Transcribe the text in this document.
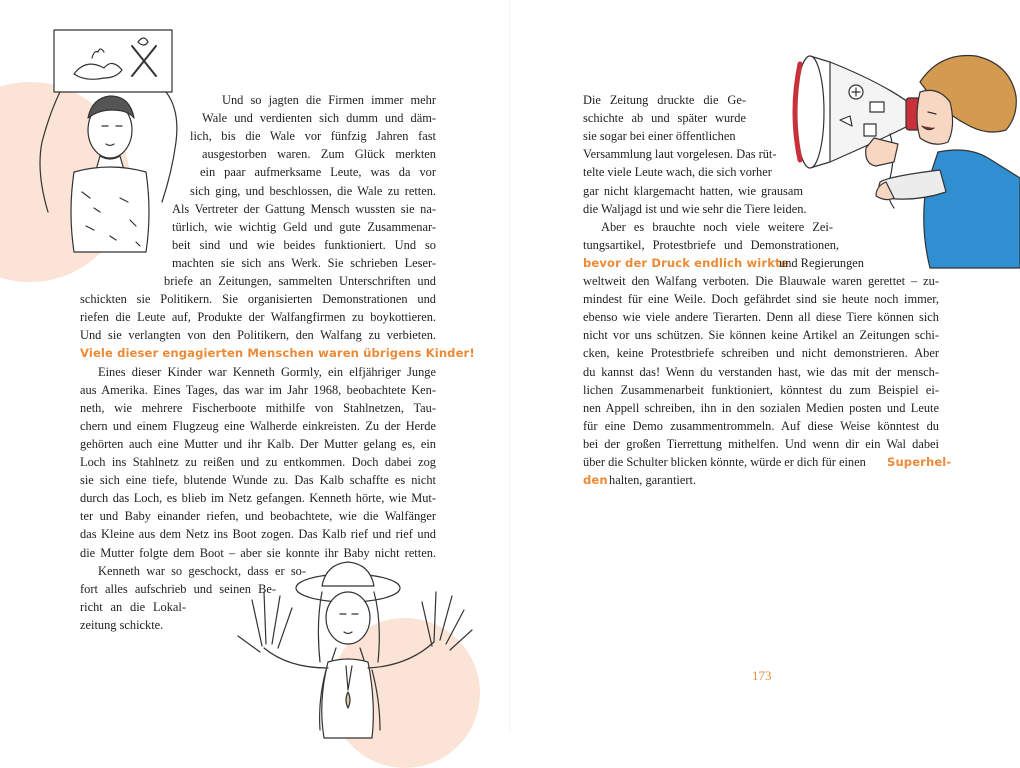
Und so jagten die Firmen immer mehr
Wale und verdienten sich dumm und däm-
lich, bis die Wale vor fünfzig Jahren fast
ausgestorben waren. Zum Glück merkten
ein paar aufmerksame Leute, was da vor
sich ging, und beschlossen, die Wale zu retten.
Als Vertreter der Gattung Mensch wussten sie na-
türlich, wie wichtig Geld und gute Zusammenar-
beit sind und wie beides funktioniert. Und so
machten sie sich ans Werk. Sie schrieben Leser-
briefe an Zeitungen, sammelten Unterschriften und
schickten sie Politikern. Sie organisierten Demonstrationen und
riefen die Leute auf, Produkte der Walfangfirmen zu boykottieren.
Und sie verlangten von den Politikern, den Walfang zu verbieten.
Viele dieser engagierten Menschen waren übrigens Kinder!
Eines dieser Kinder war Kenneth Gormly, ein elfjähriger Junge
aus Amerika. Eines Tages, das war im Jahr 1968, beobachtete Ken-
neth, wie mehrere Fischerboote mithilfe von Stahlnetzen, Tau-
chern und einem Flugzeug eine Walherde einkreisten. Zu der Herde
gehörten auch eine Mutter und ihr Kalb. Der Mutter gelang es, ein
Loch ins Stahlnetz zu reißen und zu entkommen. Doch dabei zog
sie sich eine tiefe, blutende Wunde zu. Das Kalb schaffte es nicht
durch das Loch, es blieb im Netz gefangen. Kenneth hörte, wie Mut-
ter und Baby einander riefen, und beobachtete, wie die Walfänger
das Kleine aus dem Netz ins Boot zogen. Das Kalb rief und rief und
die Mutter folgte dem Boot – aber sie konnte ihr Baby nicht retten.
Kenneth war so geschockt, dass er so-
fort alles aufschrieb und seinen Be-
richt an die Lokal-
zeitung schickte.
Die Zeitung druckte die Ge-
schichte ab und später wurde
sie sogar bei einer öffentlichen
Versammlung laut vorgelesen. Das rüt-
telte viele Leute wach, die sich vorher
gar nicht klargemacht hatten, wie grausam
die Waljagd ist und wie sehr die Tiere leiden.
Aber es brauchte noch viele weitere Zei-
tungsartikel, Protestbriefe und Demonstrationen,
bevor der Druck endlich wirkte
und Regierungen
weltweit den Walfang verboten. Die Blauwale waren gerettet – zu-
mindest für eine Weile. Doch gefährdet sind sie heute noch immer,
ebenso wie viele andere Tierarten. Denn all diese Tiere können sich
nicht vor uns schützen. Sie können keine Artikel an Zeitungen schi-
cken, keine Protestbriefe schreiben und nicht demonstrieren. Aber
du kannst das! Wenn du verstanden hast, wie das mit der mensch-
lichen Zusammenarbeit funktioniert, könntest du zum Beispiel ei-
nen Appell schreiben, ihn in den sozialen Medien posten und Leute
für eine Demo zusammentrommeln. Auf diese Weise könntest du
bei der großen Tierrettung mithelfen. Und wenn dir ein Wal dabei
über die Schulter blicken könnte, würde er dich für einen	Superhel-
den halten, garantiert.
173
